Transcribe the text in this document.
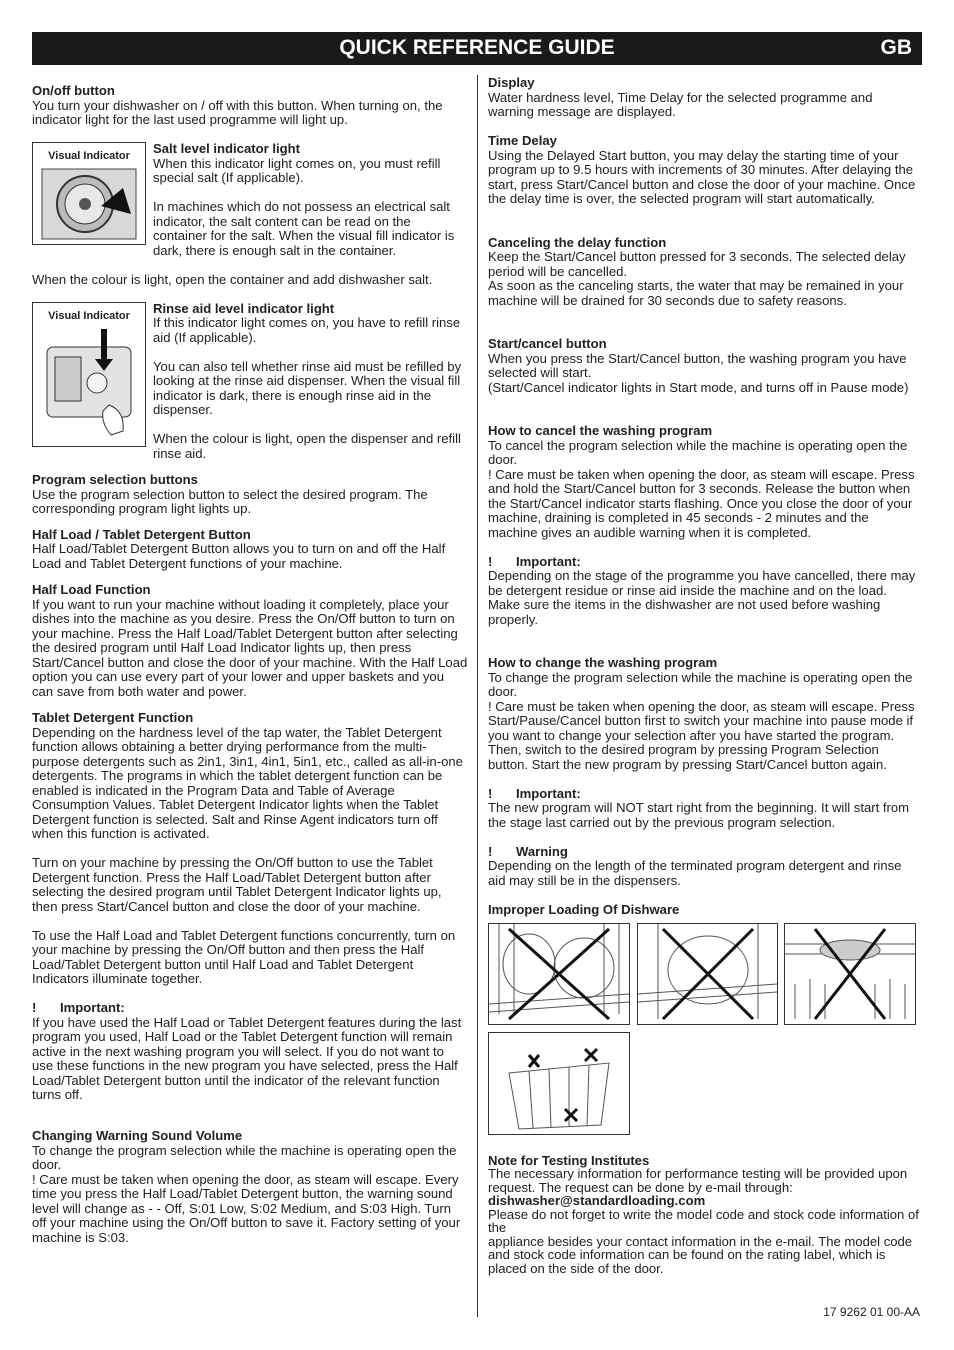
QUICK REFERENCE GUIDE	GB

On/off button
You turn your dishwasher on / off with this button. When turning on, the indicator light for the last used programme will light up.

Visual Indicator	Salt level indicator light
When this indicator light comes on, you must refill special salt (If applicable).

In machines which do not possess an electrical salt indicator, the salt content can be read on the container for the salt. When the visual fill indicator is dark, there is enough salt in the container.

When the colour is light, open the container and add dishwasher salt.

Visual Indicator	Rinse aid level indicator light
If this indicator light comes on, you have to refill rinse aid (If applicable).

You can also tell whether rinse aid must be refilled by looking at the rinse aid dispenser. When the visual fill indicator is dark, there is enough rinse aid in the dispenser.

When the colour is light, open the dispenser and refill rinse aid.

Program selection buttons
Use the program selection button to select the desired program. The corresponding program light lights up.

Half Load / Tablet Detergent Button
Half Load/Tablet Detergent Button allows you to turn on and off the Half Load and Tablet Detergent functions of your machine.

Half Load Function
If you want to run your machine without loading it completely, place your dishes into the machine as you desire. Press the On/Off button to turn on your machine. Press the Half Load/Tablet Detergent button after selecting the desired program until Half Load Indicator lights up, then press Start/Cancel button and close the door of your machine. With the Half Load option you can use every part of your lower and upper baskets and you can save from both water and power.

Tablet Detergent Function
Depending on the hardness level of the tap water, the Tablet Detergent function allows obtaining a better drying performance from the multi-purpose detergents such as 2in1, 3in1, 4in1, 5in1, etc., called as all-in-one detergents. The programs in which the tablet detergent function can be enabled is indicated in the Program Data and Table of Average Consumption Values. Tablet Detergent Indicator lights when the Tablet Detergent function is selected. Salt and Rinse Agent indicators turn off when this function is activated.

Turn on your machine by pressing the On/Off button to use the Tablet Detergent function. Press the Half Load/Tablet Detergent button after selecting the desired program until Tablet Detergent Indicator lights up, then press Start/Cancel button and close the door of your machine.

To use the Half Load and Tablet Detergent functions concurrently, turn on your machine by pressing the On/Off button and then press the Half Load/Tablet Detergent button until Half Load and Tablet Detergent Indicators illuminate together.

! Important:
If you have used the Half Load or Tablet Detergent features during the last program you used, Half Load or the Tablet Detergent function will remain active in the next washing program you will select. If you do not want to use these functions in the new program you have selected, press the Half Load/Tablet Detergent button until the indicator of the relevant function turns off.

Changing Warning Sound Volume
To change the program selection while the machine is operating open the door.
! Care must be taken when opening the door, as steam will escape. Every time you press the Half Load/Tablet Detergent button, the warning sound level will change as - - Off, S:01 Low, S:02 Medium, and S:03 High. Turn off your machine using the On/Off button to save it. Factory setting of your machine is S:03.

Display
Water hardness level, Time Delay for the selected programme and warning message are displayed.

Time Delay
Using the Delayed Start button, you may delay the starting time of your program up to 9.5 hours with increments of 30 minutes. After delaying the start, press Start/Cancel button and close the door of your machine. Once the delay time is over, the selected program will start automatically.

Canceling the delay function
Keep the Start/Cancel button pressed for 3 seconds. The selected delay period will be cancelled.
As soon as the canceling starts, the water that may be remained in your machine will be drained for 30 seconds due to safety reasons.

Start/cancel button
When you press the Start/Cancel button, the washing program you have selected will start.
(Start/Cancel indicator lights in Start mode, and turns off in Pause mode)

How to cancel the washing program
To cancel the program selection while the machine is operating open the door.
! Care must be taken when opening the door, as steam will escape. Press and hold the Start/Cancel button for 3 seconds. Release the button when the Start/Cancel indicator starts flashing. Once you close the door of your machine, draining is completed in 45 seconds - 2 minutes and the machine gives an audible warning when it is completed.

! Important:
Depending on the stage of the programme you have cancelled, there may be detergent residue or rinse aid inside the machine and on the load. Make sure the items in the dishwasher are not used before washing properly.

How to change the washing program
To change the program selection while the machine is operating open the door.
! Care must be taken when opening the door, as steam will escape. Press Start/Pause/Cancel button first to switch your machine into pause mode if you want to change your selection after you have started the program. Then, switch to the desired program by pressing Program Selection button. Start the new program by pressing Start/Cancel button again.

! Important:
The new program will NOT start right from the beginning. It will start from the stage last carried out by the previous program selection.

! Warning
Depending on the length of the terminated program detergent and rinse aid may still be in the dispensers.

Improper Loading Of Dishware

Note for Testing Institutes
The necessary information for performance testing will be provided upon request. The request can be done by e-mail through:

dishwasher@standardloading.com
Please do not forget to write the model code and stock code information of the
appliance besides your contact information in the e-mail. The model code and stock code information can be found on the rating label, which is placed on the side of the door.

17 9262 01 00-AA
